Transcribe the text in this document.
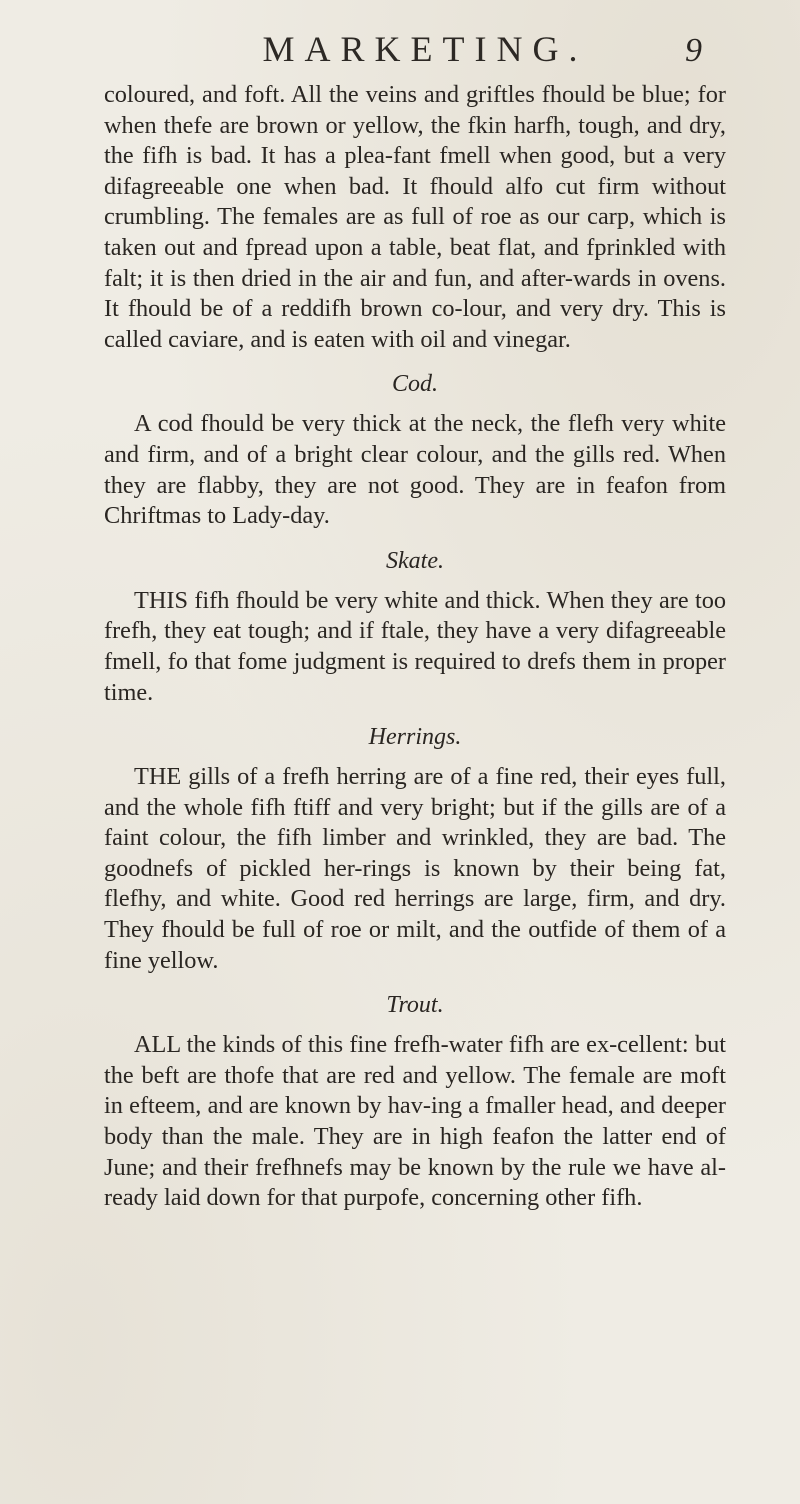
MARKETING.	9

coloured, and foft. All the veins and griftles fhould be blue; for when thefe are brown or yellow, the fkin harfh, tough, and dry, the fifh is bad. It has a plea-fant fmell when good, but a very difagreeable one when bad. It fhould alfo cut firm without crumbling. The females are as full of roe as our carp, which is taken out and fpread upon a table, beat flat, and fprinkled with falt; it is then dried in the air and fun, and after-wards in ovens. It fhould be of a reddifh brown co-lour, and very dry. This is called caviare, and is eaten with oil and vinegar.

Cod.

A cod fhould be very thick at the neck, the flefh very white and firm, and of a bright clear colour, and the gills red. When they are flabby, they are not good. They are in feafon from Chriftmas to Lady-day.

Skate.

THIS fifh fhould be very white and thick. When they are too frefh, they eat tough; and if ftale, they have a very difagreeable fmell, fo that fome judgment is required to drefs them in proper time.

Herrings.

THE gills of a frefh herring are of a fine red, their eyes full, and the whole fifh ftiff and very bright; but if the gills are of a faint colour, the fifh limber and wrinkled, they are bad. The goodnefs of pickled her-rings is known by their being fat, flefhy, and white. Good red herrings are large, firm, and dry. They fhould be full of roe or milt, and the outfide of them of a fine yellow.

Trout.

ALL the kinds of this fine frefh-water fifh are ex-cellent: but the beft are thofe that are red and yellow. The female are moft in efteem, and are known by hav-ing a fmaller head, and deeper body than the male. They are in high feafon the latter end of June; and their frefhnefs may be known by the rule we have al-ready laid down for that purpofe, concerning other fifh.
